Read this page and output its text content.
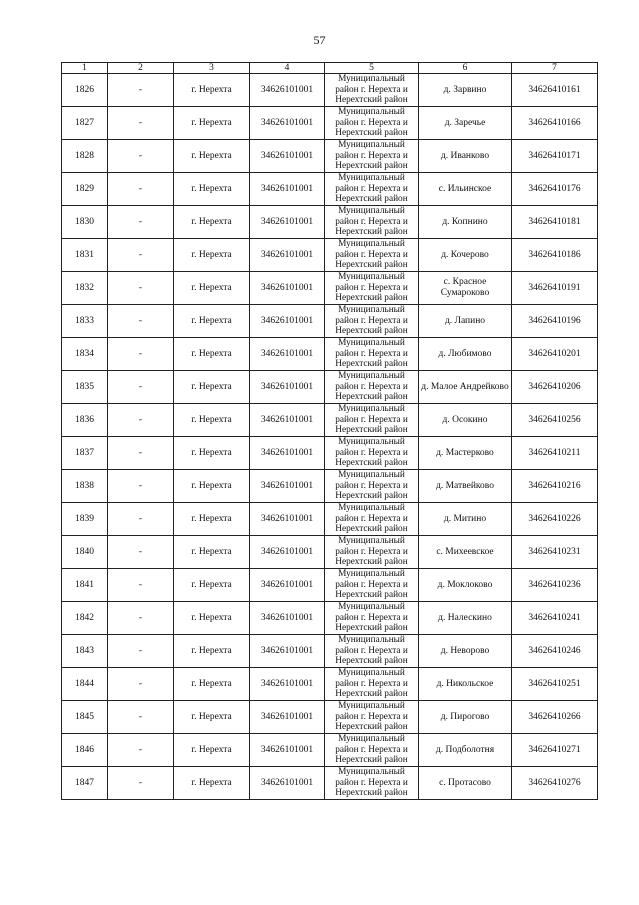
57
1	2	3	4	5	6	7
1826	-	г. Нерехта	34626101001	Муниципальный район г. Нерехта и Нерехтский район	д. Зарвино	34626410161
1827	-	г. Нерехта	34626101001	Муниципальный район г. Нерехта и Нерехтский район	д. Заречье	34626410166
1828	-	г. Нерехта	34626101001	Муниципальный район г. Нерехта и Нерехтский район	д. Иванково	34626410171
1829	-	г. Нерехта	34626101001	Муниципальный район г. Нерехта и Нерехтский район	с. Ильинское	34626410176
1830	-	г. Нерехта	34626101001	Муниципальный район г. Нерехта и Нерехтский район	д. Копнино	34626410181
1831	-	г. Нерехта	34626101001	Муниципальный район г. Нерехта и Нерехтский район	д. Кочерово	34626410186
1832	-	г. Нерехта	34626101001	Муниципальный район г. Нерехта и Нерехтский район	с. Красное Сумароково	34626410191
1833	-	г. Нерехта	34626101001	Муниципальный район г. Нерехта и Нерехтский район	д. Лапино	34626410196
1834	-	г. Нерехта	34626101001	Муниципальный район г. Нерехта и Нерехтский район	д. Любимово	34626410201
1835	-	г. Нерехта	34626101001	Муниципальный район г. Нерехта и Нерехтский район	д. Малое Андрейково	34626410206
1836	-	г. Нерехта	34626101001	Муниципальный район г. Нерехта и Нерехтский район	д. Осокино	34626410256
1837	-	г. Нерехта	34626101001	Муниципальный район г. Нерехта и Нерехтский район	д. Мастерково	34626410211
1838	-	г. Нерехта	34626101001	Муниципальный район г. Нерехта и Нерехтский район	д. Матвейково	34626410216
1839	-	г. Нерехта	34626101001	Муниципальный район г. Нерехта и Нерехтский район	д. Митино	34626410226
1840	-	г. Нерехта	34626101001	Муниципальный район г. Нерехта и Нерехтский район	с. Михеевское	34626410231
1841	-	г. Нерехта	34626101001	Муниципальный район г. Нерехта и Нерехтский район	д. Моклоково	34626410236
1842	-	г. Нерехта	34626101001	Муниципальный район г. Нерехта и Нерехтский район	д. Налескино	34626410241
1843	-	г. Нерехта	34626101001	Муниципальный район г. Нерехта и Нерехтский район	д. Неворово	34626410246
1844	-	г. Нерехта	34626101001	Муниципальный район г. Нерехта и Нерехтский район	д. Никольское	34626410251
1845	-	г. Нерехта	34626101001	Муниципальный район г. Нерехта и Нерехтский район	д. Пирогово	34626410266
1846	-	г. Нерехта	34626101001	Муниципальный район г. Нерехта и Нерехтский район	д. Подболотня	34626410271
1847	-	г. Нерехта	34626101001	Муниципальный район г. Нерехта и Нерехтский район	с. Протасово	34626410276
